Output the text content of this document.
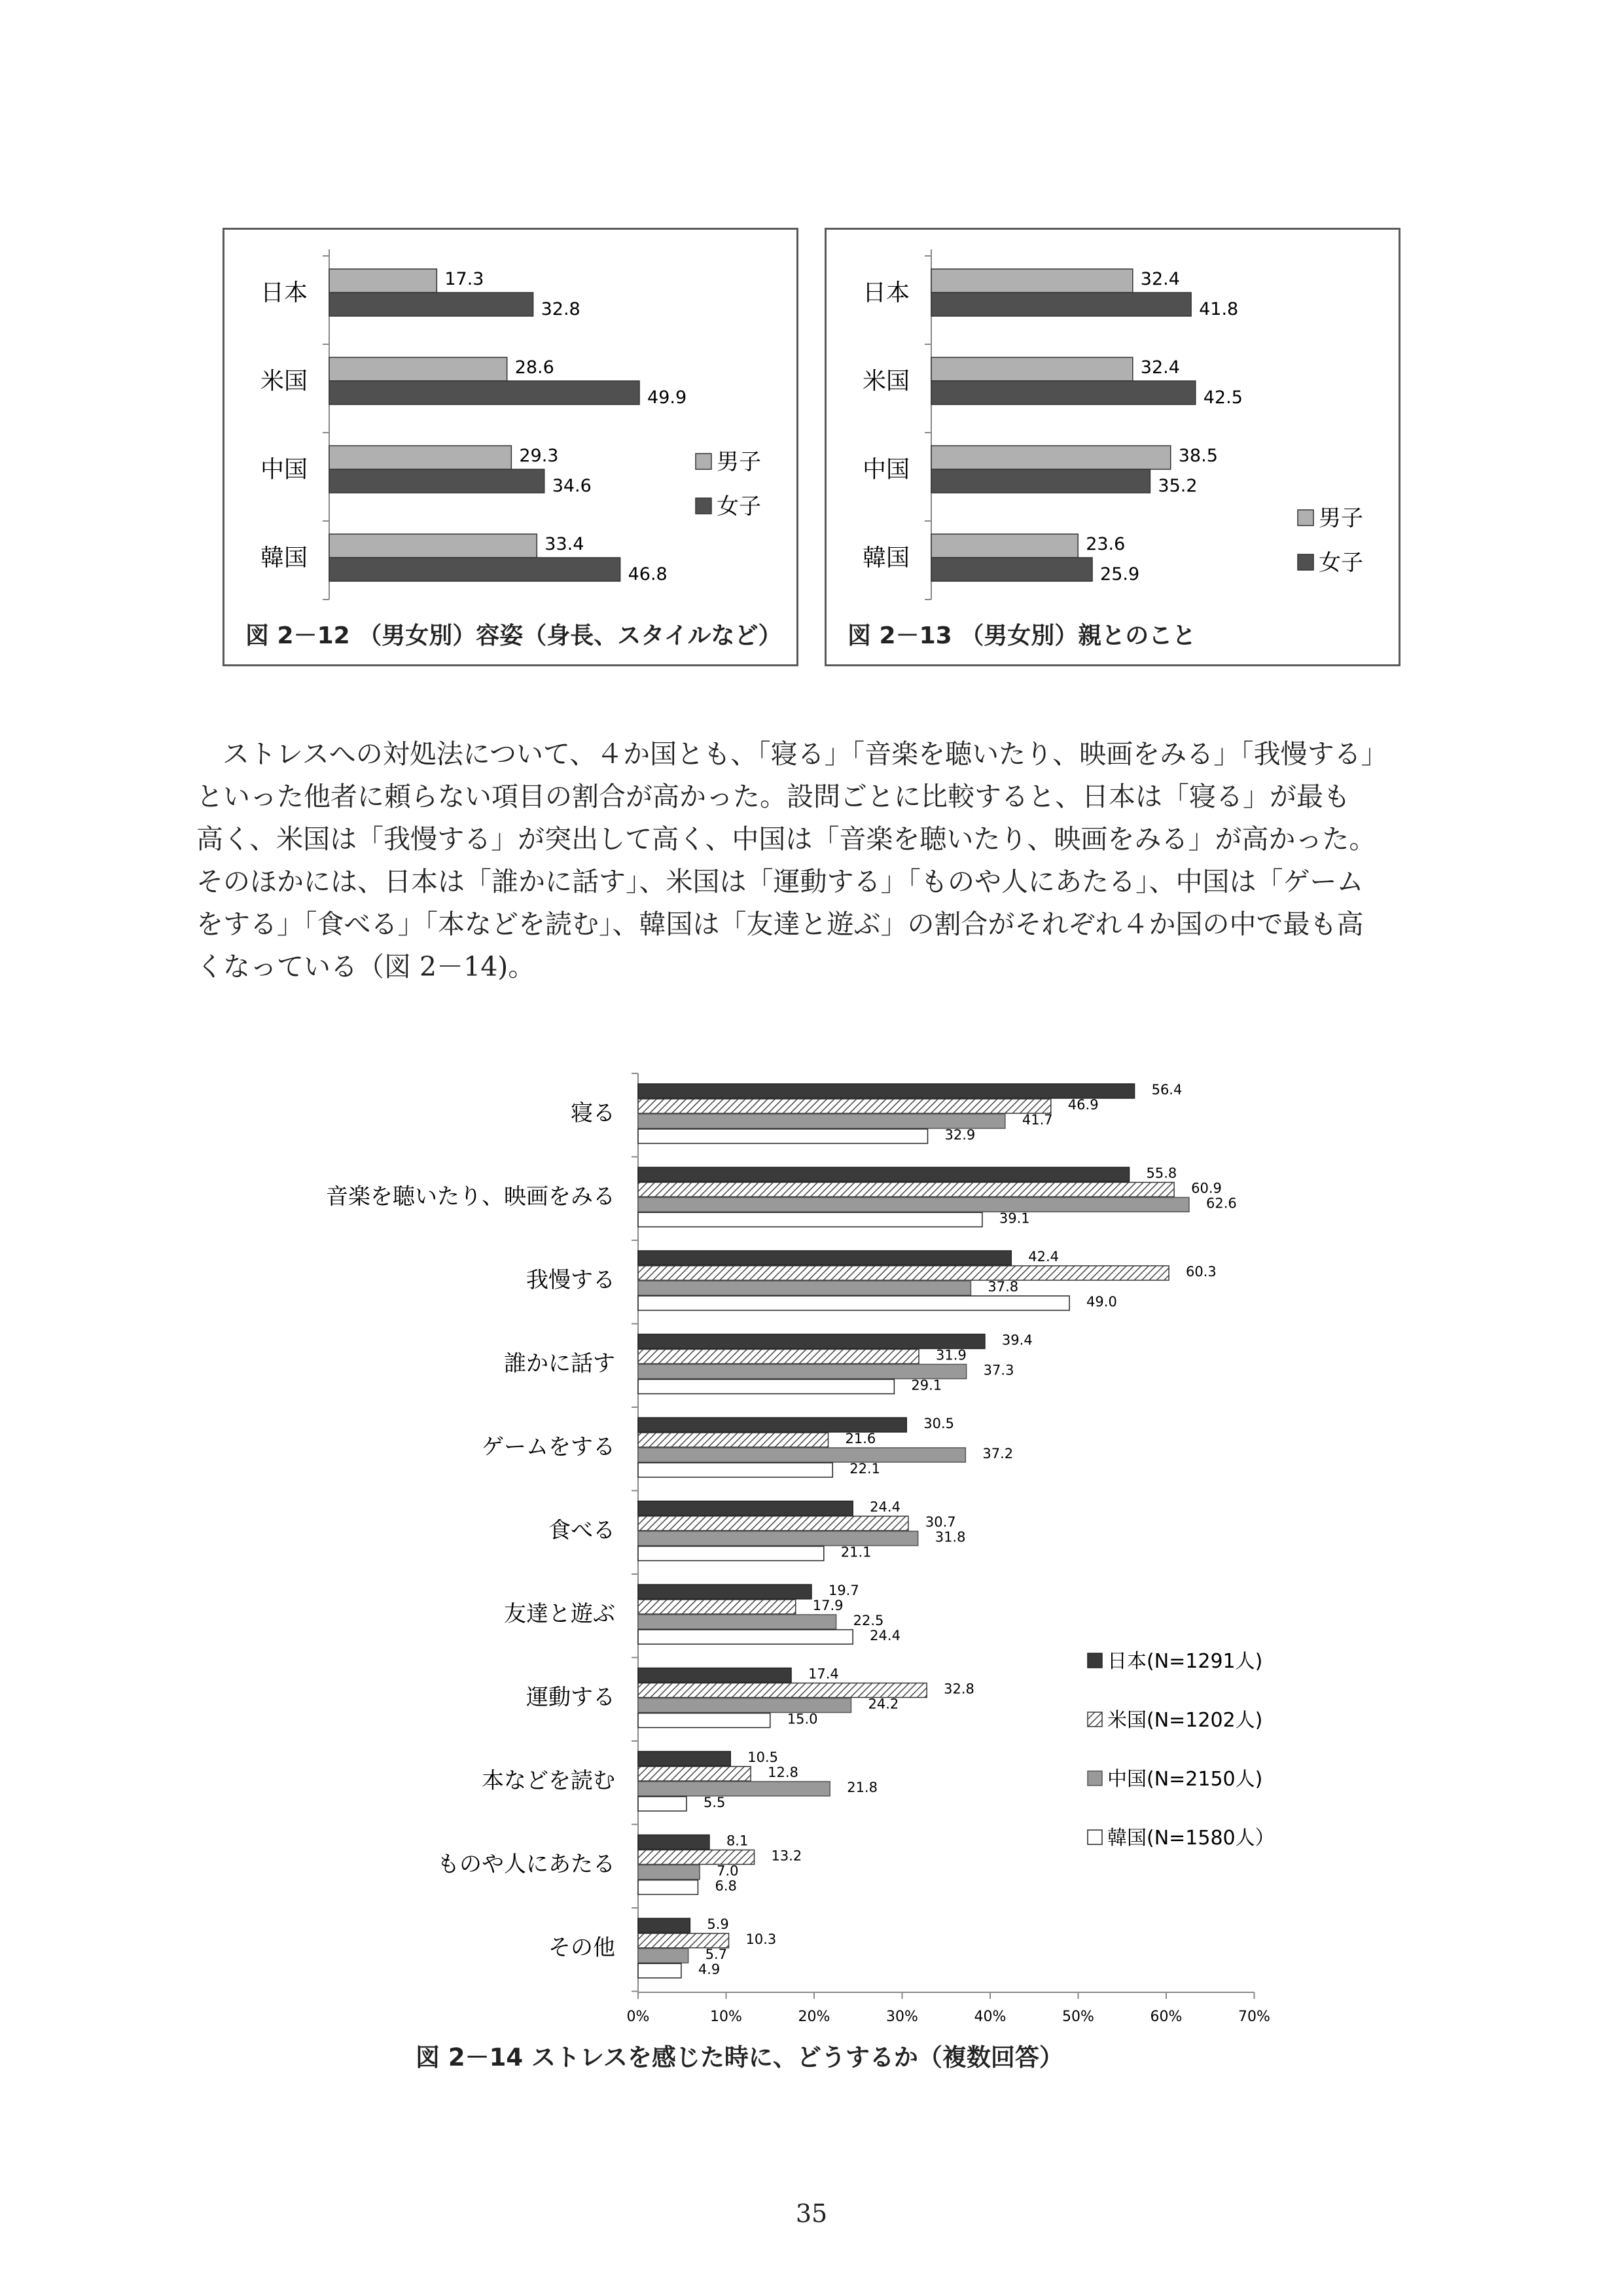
日本
17.3
32.8
米国
28.6
49.9
中国
29.3
34.6
韓国
33.4
46.8
男子
女子
図 2－12 （男女別）容姿（身長、スタイルなど）
日本
32.4
41.8
米国
32.4
42.5
中国
38.5
35.2
韓国
23.6
25.9
男子
女子
図 2－13 （男女別）親とのこと

ストレスへの対処法について、４か国とも、「寝る」「音楽を聴いたり、映画をみる」「我慢する」

といった他者に頼らない項目の割合が高かった。設問ごとに比較すると、日本は「寝る」が最も

高く、米国は「我慢する」が突出して高く、中国は「音楽を聴いたり、映画をみる」が高かった。

そのほかには、日本は「誰かに話す」、米国は「運動する」「ものや人にあたる」、中国は「ゲーム

をする」「食べる」「本などを読む」、韓国は「友達と遊ぶ」の割合がそれぞれ４か国の中で最も高

くなっている（図 2－14)。

寝る
56.4
46.9
41.7
32.9
音楽を聴いたり、映画をみる
55.8
60.9
62.6
39.1
我慢する
42.4
60.3
37.8
49.0
誰かに話す
39.4
31.9
37.3
29.1
ゲームをする
30.5
21.6
37.2
22.1
食べる
24.4
30.7
31.8
21.1
友達と遊ぶ
19.7
17.9
22.5
24.4
運動する
17.4
32.8
24.2
15.0
本などを読む
10.5
12.8
21.8
5.5
ものや人にあたる
8.1
13.2
7.0
6.8
その他
5.9
10.3
5.7
4.9
0%	10%	20%	30%	40%	50%	60%	70%
日本(N=1291人)
米国(N=1202人)
中国(N=2150人)
韓国(N=1580人）
図 2－14 ストレスを感じた時に、どうするか（複数回答）
35
